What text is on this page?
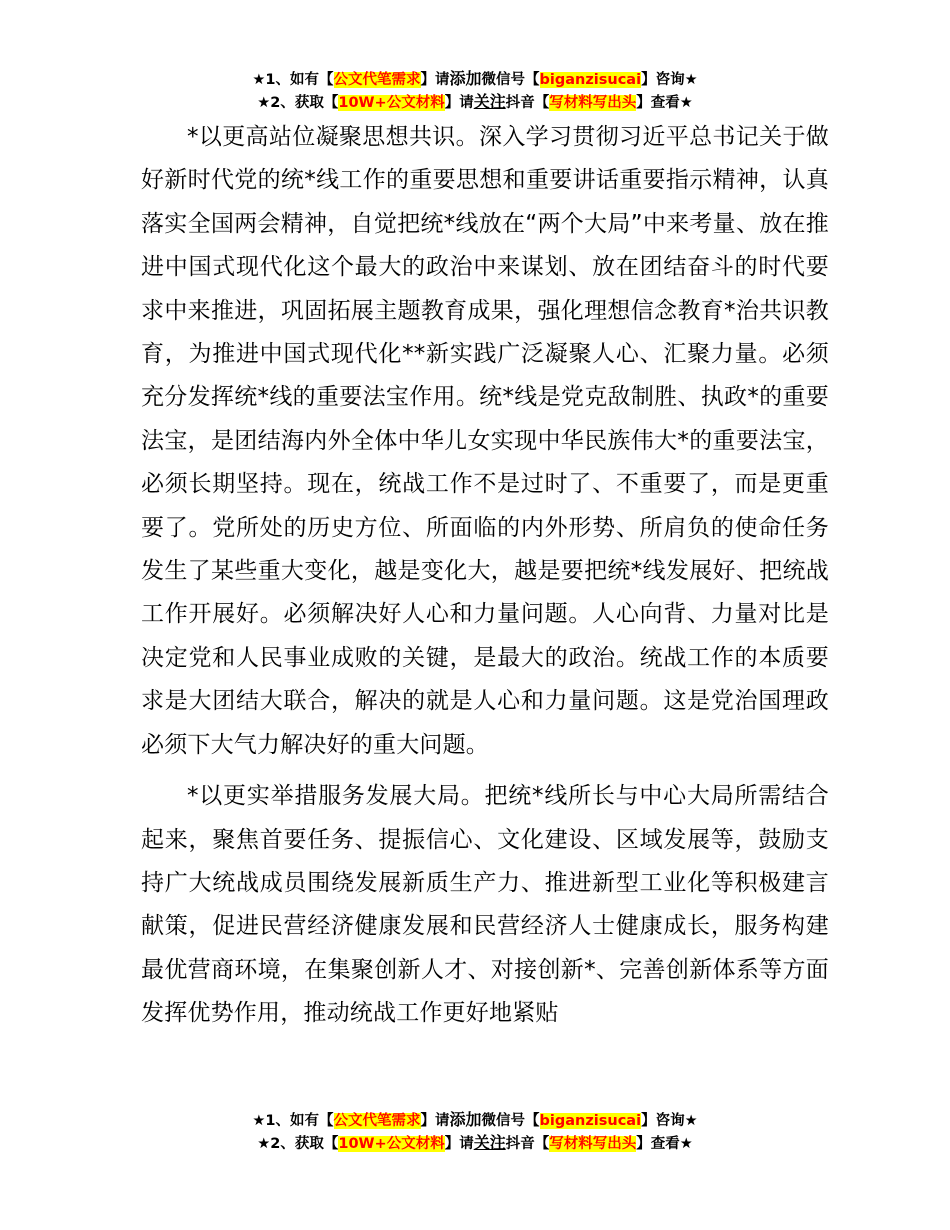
★1、如有【公文代笔需求】请添加微信号【biganzisucai】咨询★
★2、获取【10W+公文材料】请关注抖音【写材料写出头】查看★

*以更高站位凝聚思想共识。深入学习贯彻习近平总书记关于做好新时代党的统*线工作的重要思想和重要讲话重要指示精神，认真落实全国两会精神，自觉把统*线放在“两个大局”中来考量、放在推进中国式现代化这个最大的政治中来谋划、放在团结奋斗的时代要求中来推进，巩固拓展主题教育成果，强化理想信念教育*治共识教育，为推进中国式现代化**新实践广泛凝聚人心、汇聚力量。必须充分发挥统*线的重要法宝作用。统*线是党克敌制胜、执政*的重要法宝，是团结海内外全体中华儿女实现中华民族伟大*的重要法宝，必须长期坚持。现在，统战工作不是过时了、不重要了，而是更重要了。党所处的历史方位、所面临的内外形势、所肩负的使命任务发生了某些重大变化，越是变化大，越是要把统*线发展好、把统战工作开展好。必须解决好人心和力量问题。人心向背、力量对比是决定党和人民事业成败的关键，是最大的政治。统战工作的本质要求是大团结大联合，解决的就是人心和力量问题。这是党治国理政必须下大气力解决好的重大问题。

*以更实举措服务发展大局。把统*线所长与中心大局所需结合起来，聚焦首要任务、提振信心、文化建设、区域发展等，鼓励支持广大统战成员围绕发展新质生产力、推进新型工业化等积极建言献策，促进民营经济健康发展和民营经济人士健康成长，服务构建最优营商环境，在集聚创新人才、对接创新*、完善创新体系等方面发挥优势作用，推动统战工作更好地紧贴

★1、如有【公文代笔需求】请添加微信号【biganzisucai】咨询★
★2、获取【10W+公文材料】请关注抖音【写材料写出头】查看★
